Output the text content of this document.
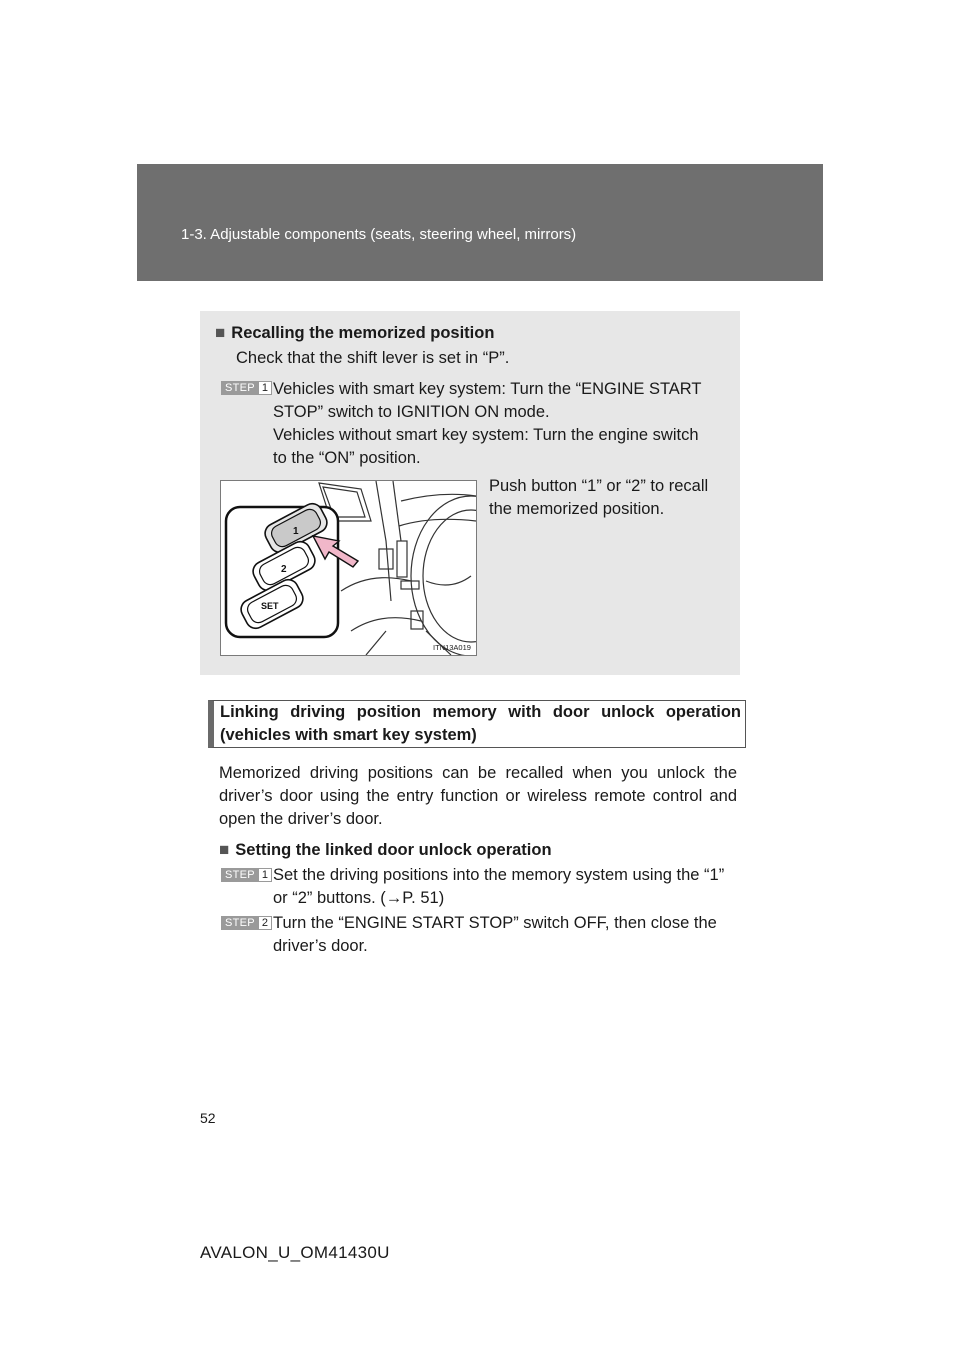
1-3. Adjustable components (seats, steering wheel, mirrors)
■ Recalling the memorized position
Check that the shift lever is set in “P”.
STEP 1 Vehicles with smart key system: Turn the “ENGINE START
STOP” switch to IGNITION ON mode.
Vehicles without smart key system: Turn the engine switch
to the “ON” position.
Push button “1” or “2” to recall
the memorized position.
1
2
SET
ITN13A019
Linking driving position memory with door unlock operation (vehicles with smart key system)
Memorized driving positions can be recalled when you unlock the driver’s door using the entry function or wireless remote control and open the driver’s door.
■ Setting the linked door unlock operation
STEP 1 Set the driving positions into the memory system using the “1”
or “2” buttons. (→P. 51)
STEP 2 Turn the “ENGINE START STOP” switch OFF, then close the
driver’s door.
52
AVALON_U_OM41430U
